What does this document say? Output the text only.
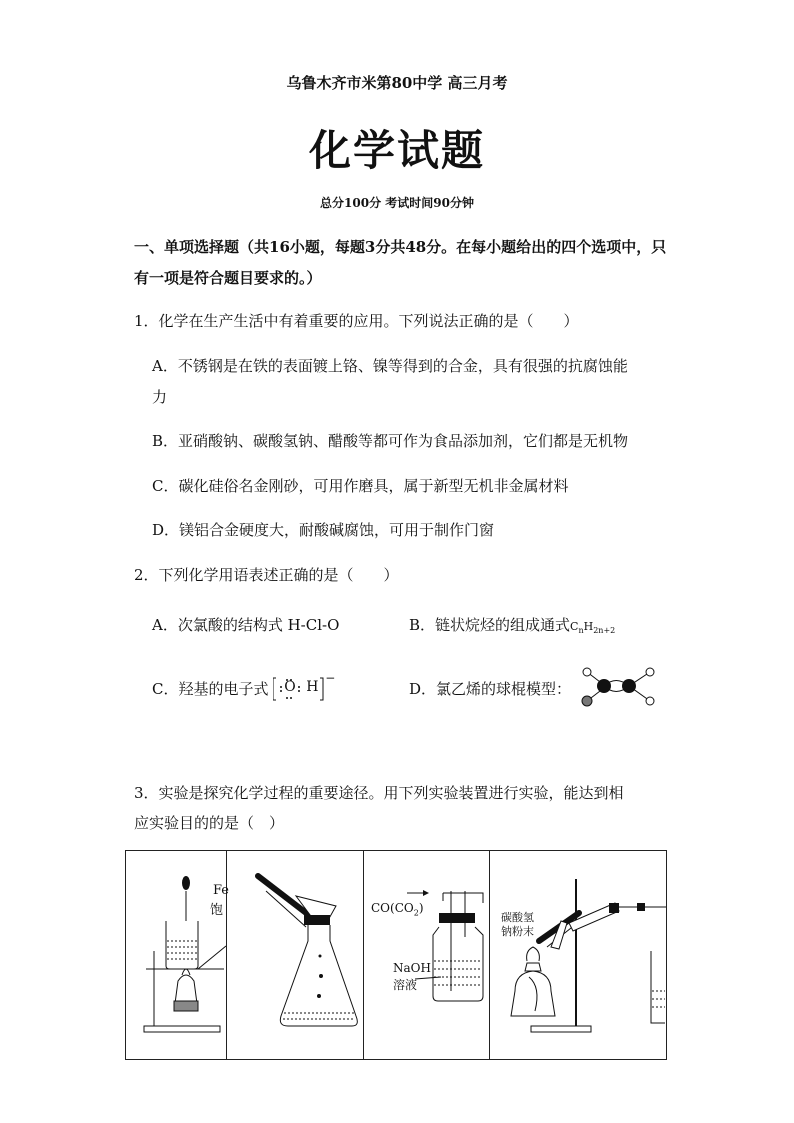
乌鲁木齐市米第80中学 高三月考
化学试题
总分100分 考试时间90分钟
一、单项选择题（共16小题，每题3分共48分。在每小题给出的四个选项中，只有一项是符合题目要求的。）
1．化学在生产生活中有着重要的应用。下列说法正确的是（　　）
A．不锈钢是在铁的表面镀上铬、镍等得到的合金，具有很强的抗腐蚀能
力
B．亚硝酸钠、碳酸氢钠、醋酸等都可作为食品添加剂，它们都是无机物
C．碳化硅俗名金刚砂，可用作磨具，属于新型无机非金属材料
D．镁铝合金硬度大，耐酸碱腐蚀，可用于制作门窗
2．下列化学用语表述正确的是（　　）
A．次氯酸的结构式 H-Cl-O	B．链状烷烃的组成通式$C_nH_{2n+2}$
C．羟基的电子式 O H
−
D．氯乙烯的球棍模型：
3．实验是探究化学过程的重要途径。用下列实验装置进行实验，能达到相
应实验目的的是（　）
Fe
饱	$CO(CO_2)$
NaOH
溶液
碳酸氢
钠粉末
